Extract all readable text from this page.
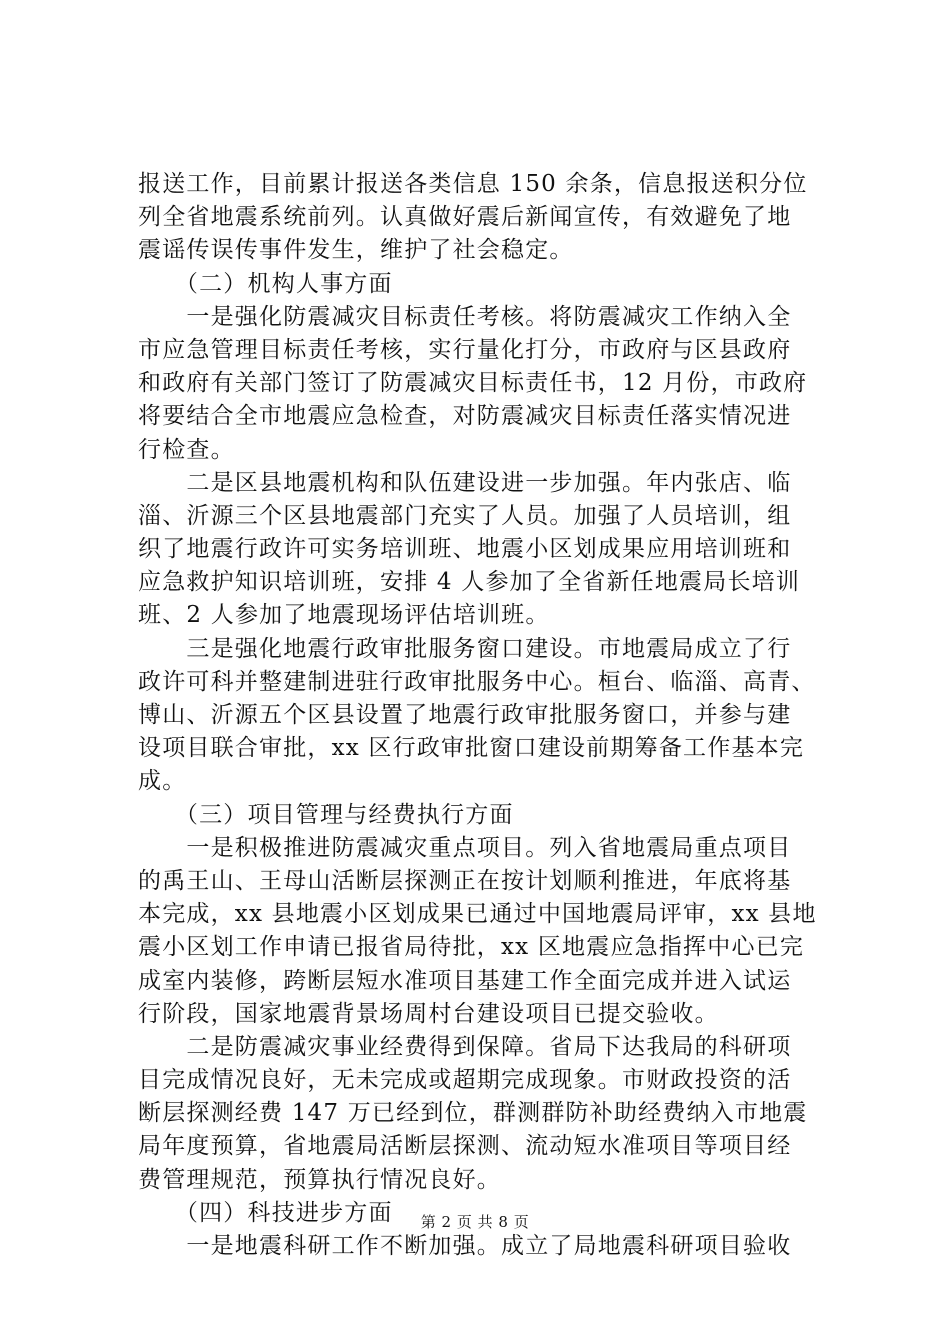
报送工作，目前累计报送各类信息 150 余条，信息报送积分位
列全省地震系统前列。认真做好震后新闻宣传，有效避免了地
震谣传误传事件发生，维护了社会稳定。
　　（二）机构人事方面
　　一是强化防震减灾目标责任考核。将防震减灾工作纳入全
市应急管理目标责任考核，实行量化打分，市政府与区县政府
和政府有关部门签订了防震减灾目标责任书，12 月份，市政府
将要结合全市地震应急检查，对防震减灾目标责任落实情况进
行检查。
　　二是区县地震机构和队伍建设进一步加强。年内张店、临
淄、沂源三个区县地震部门充实了人员。加强了人员培训，组
织了地震行政许可实务培训班、地震小区划成果应用培训班和
应急救护知识培训班，安排 4 人参加了全省新任地震局长培训
班、2 人参加了地震现场评估培训班。
　　三是强化地震行政审批服务窗口建设。市地震局成立了行
政许可科并整建制进驻行政审批服务中心。桓台、临淄、高青、
博山、沂源五个区县设置了地震行政审批服务窗口，并参与建
设项目联合审批，xx 区行政审批窗口建设前期筹备工作基本完
成。
　　（三）项目管理与经费执行方面
　　一是积极推进防震减灾重点项目。列入省地震局重点项目
的禹王山、王母山活断层探测正在按计划顺利推进，年底将基
本完成，xx 县地震小区划成果已通过中国地震局评审，xx 县地
震小区划工作申请已报省局待批，xx 区地震应急指挥中心已完
成室内装修，跨断层短水准项目基建工作全面完成并进入试运
行阶段，国家地震背景场周村台建设项目已提交验收。
　　二是防震减灾事业经费得到保障。省局下达我局的科研项
目完成情况良好，无未完成或超期完成现象。市财政投资的活
断层探测经费 147 万已经到位，群测群防补助经费纳入市地震
局年度预算，省地震局活断层探测、流动短水准项目等项目经
费管理规范，预算执行情况良好。
　　（四）科技进步方面
　　一是地震科研工作不断加强。成立了局地震科研项目验收
第 2 页 共 8 页
